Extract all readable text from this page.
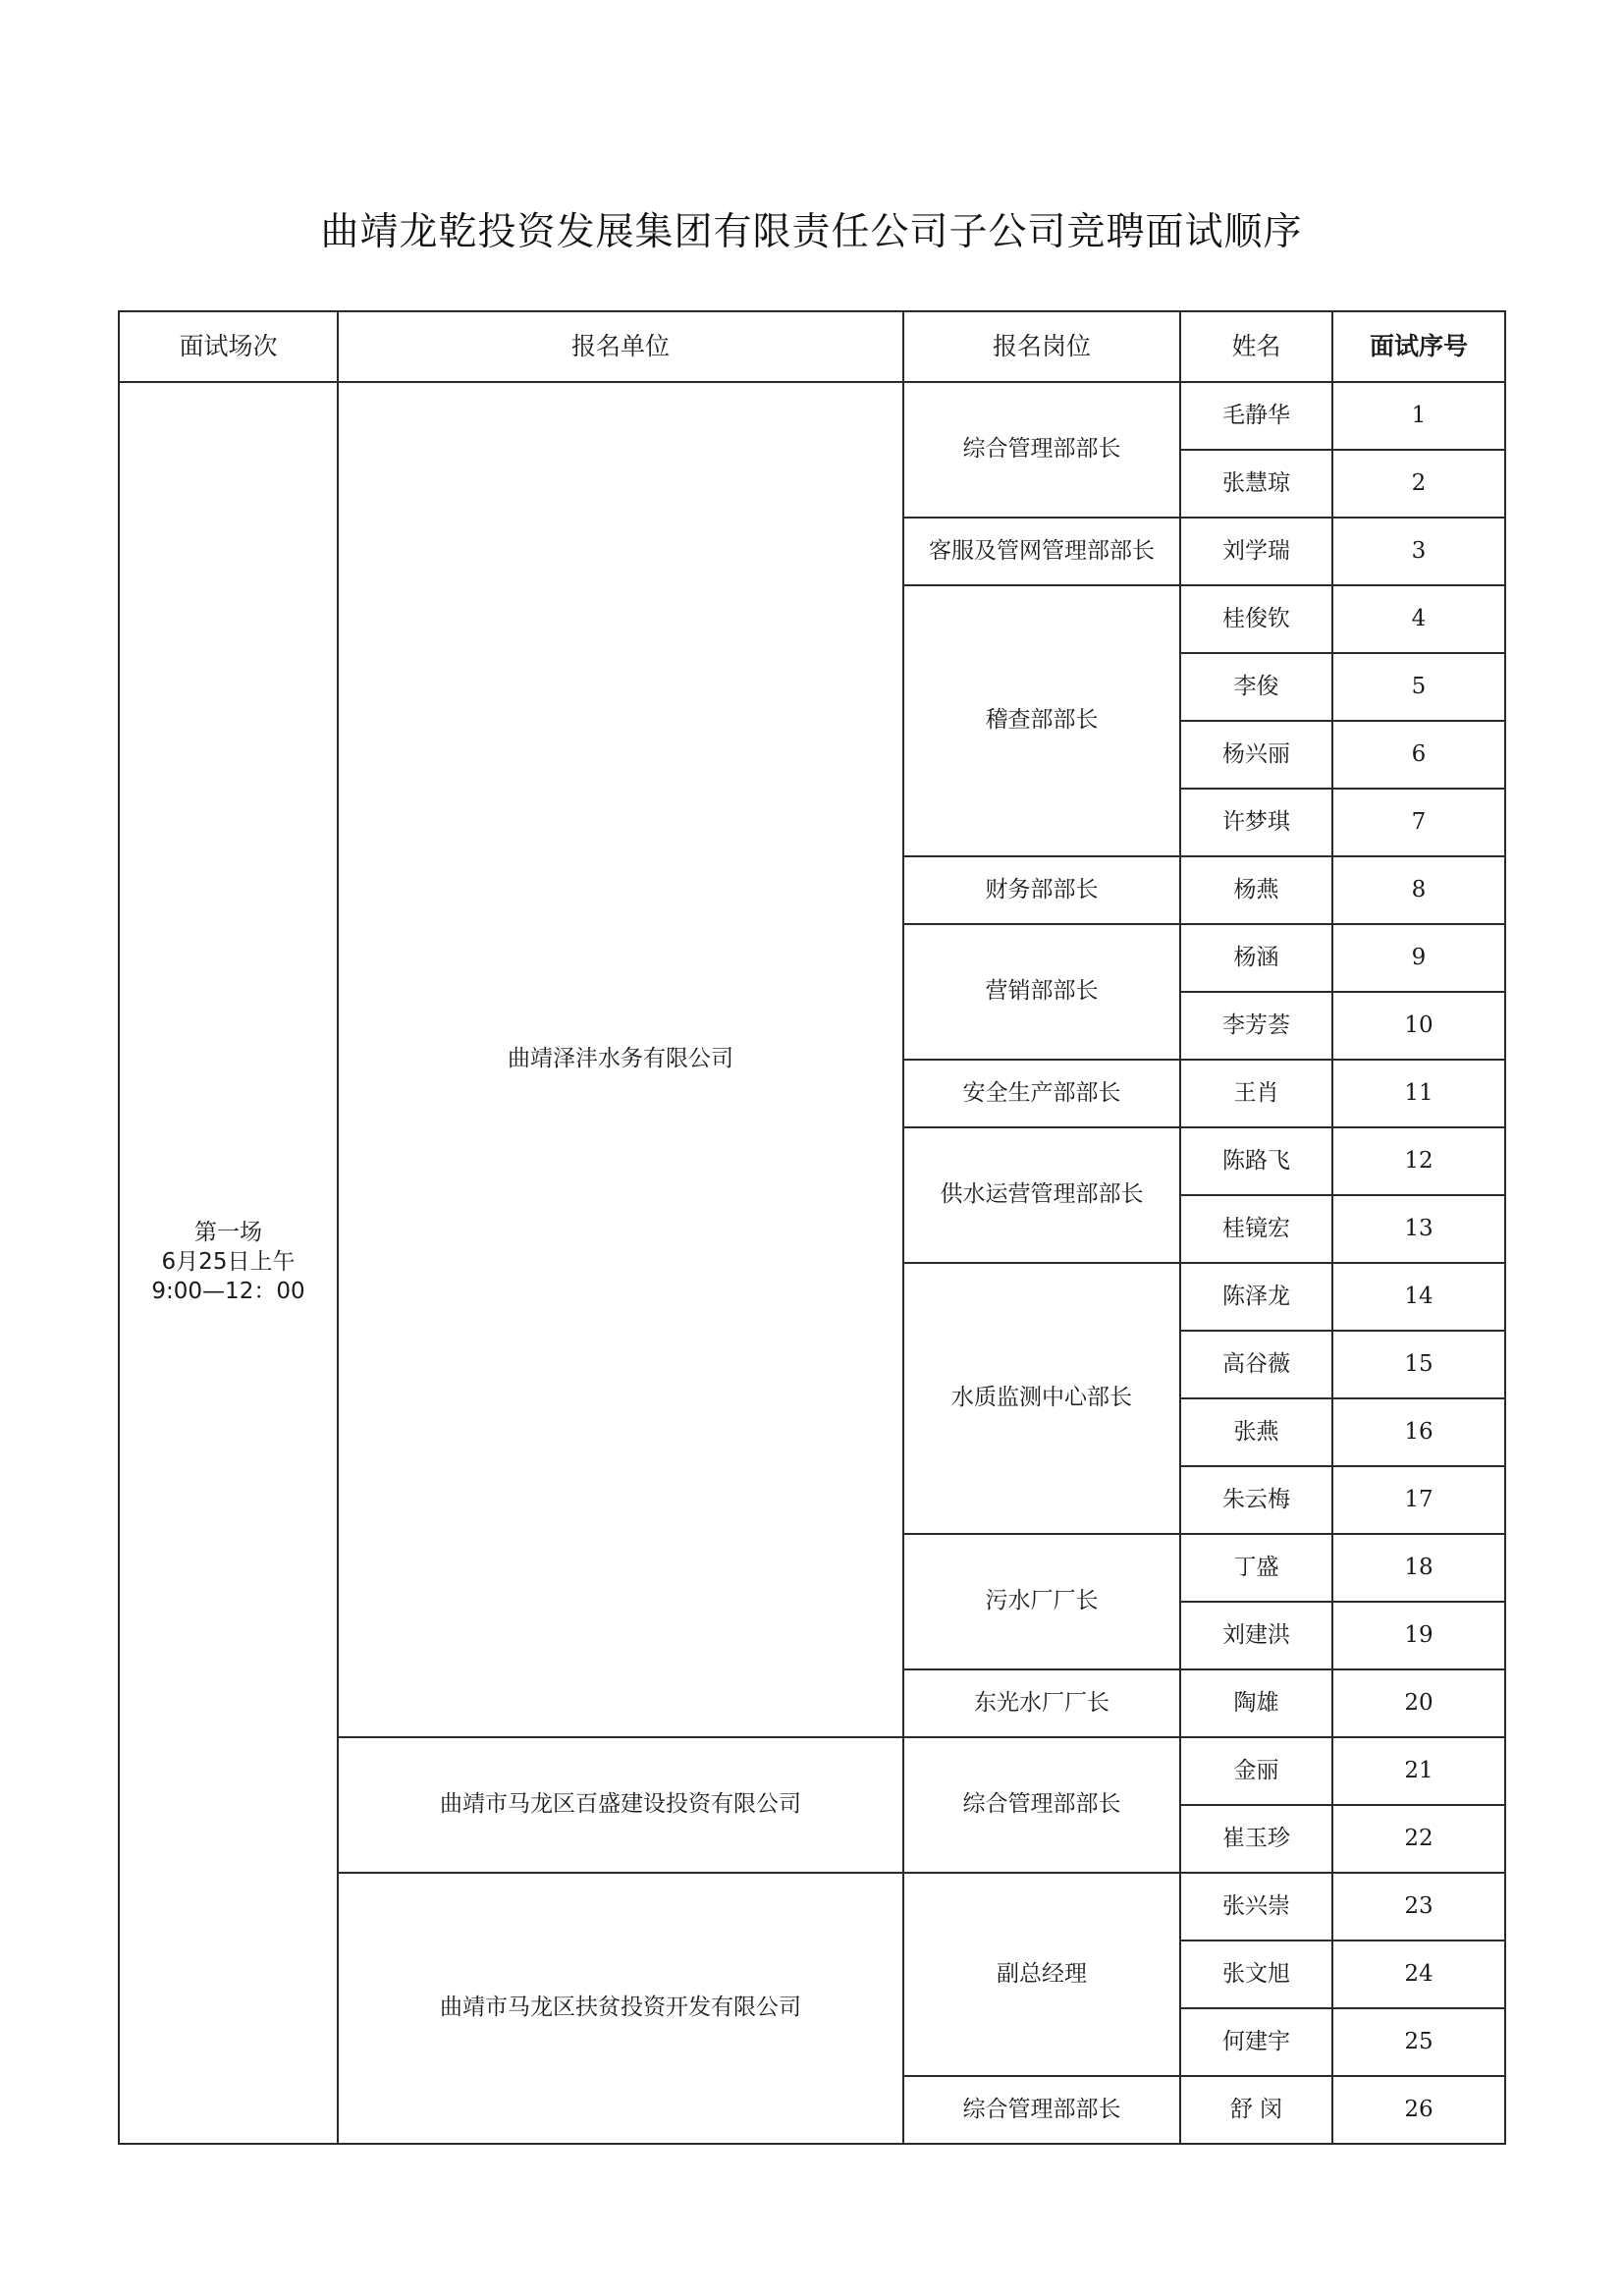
曲靖龙乾投资发展集团有限责任公司子公司竞聘面试顺序
面试场次	报名单位	报名岗位	姓名	面试序号

第一场
6月25日上午
9:00—12：00	曲靖泽沣水务有限公司	综合管理部部长	毛静华	1
			张慧琼	2
		客服及管网管理部部长	刘学瑞	3
		稽查部部长	桂俊钦	4
			李俊	5
			杨兴丽	6
			许梦琪	7
		财务部部长	杨燕	8
		营销部部长	杨涵	9
			李芳荟	10
		安全生产部部长	王肖	11
		供水运营管理部部长	陈路飞	12
			桂镜宏	13
		水质监测中心部长	陈泽龙	14
			高谷薇	15
			张燕	16
			朱云梅	17
		污水厂厂长	丁盛	18
			刘建洪	19
		东光水厂厂长	陶雄	20
	曲靖市马龙区百盛建设投资有限公司	综合管理部部长	金丽	21
			崔玉珍	22
	曲靖市马龙区扶贫投资开发有限公司	副总经理	张兴崇	23
			张文旭	24
			何建宇	25
		综合管理部部长	舒 闵	26
